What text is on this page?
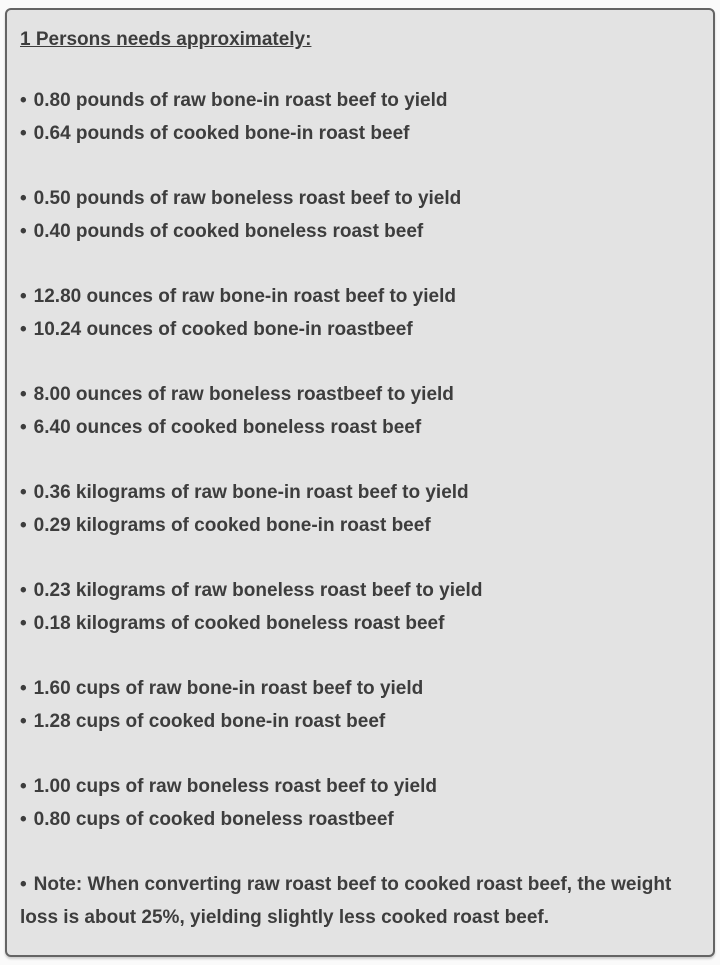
1 Persons needs approximately:

• 0.80 pounds of raw bone-in roast beef to yield

• 0.64 pounds of cooked bone-in roast beef

• 0.50 pounds of raw boneless roast beef to yield

• 0.40 pounds of cooked boneless roast beef

• 12.80 ounces of raw bone-in roast beef to yield

• 10.24 ounces of cooked bone-in roastbeef

• 8.00 ounces of raw boneless roastbeef to yield

• 6.40 ounces of cooked boneless roast beef

• 0.36 kilograms of raw bone-in roast beef to yield

• 0.29 kilograms of cooked bone-in roast beef

• 0.23 kilograms of raw boneless roast beef to yield

• 0.18 kilograms of cooked boneless roast beef

• 1.60 cups of raw bone-in roast beef to yield

• 1.28 cups of cooked bone-in roast beef

• 1.00 cups of raw boneless roast beef to yield

• 0.80 cups of cooked boneless roastbeef

• Note: When converting raw roast beef to cooked roast beef, the weight loss is about 25%, yielding slightly less cooked roast beef.
